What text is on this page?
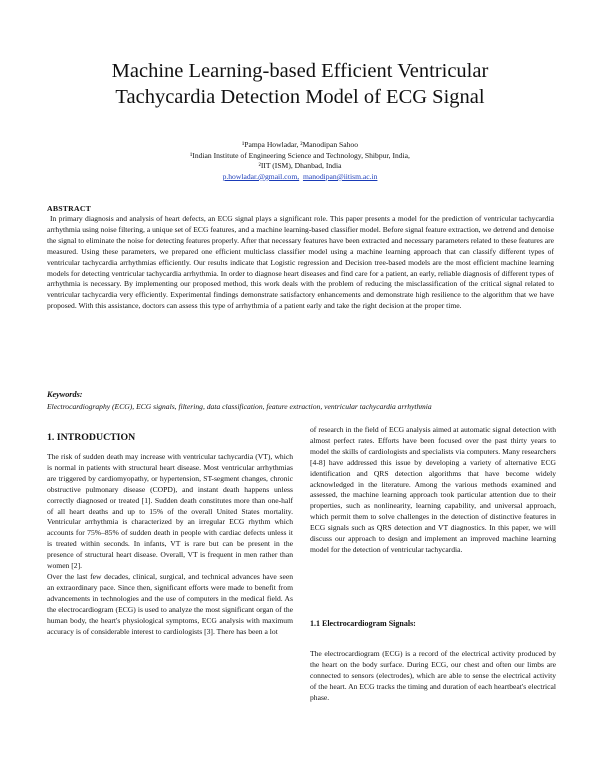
Machine Learning-based Efficient Ventricular
Tachycardia Detection Model of ECG Signal
¹Pampa Howladar, ²Manodipan Sahoo
¹Indian Institute of Engineering Science and Technology, Shibpur, India,
²IIT (ISM), Dhanbad, India
p.howladar.@gmail.com, manodipan@iitism.ac.in
ABSTRACT

In primary diagnosis and analysis of heart defects, an ECG signal plays a significant role. This paper presents a model for the prediction of ventricular tachycardia arrhythmia using noise filtering, a unique set of ECG features, and a machine learning-based classifier model. Before signal feature extraction, we detrend and denoise the signal to eliminate the noise for detecting features properly. After that necessary features have been extracted and necessary parameters related to these features are measured. Using these parameters, we prepared one efficient multiclass classifier model using a machine learning approach that can classify different types of ventricular tachycardia arrhythmias efficiently. Our results indicate that Logistic regression and Decision tree-based models are the most efficient machine learning models for detecting ventricular tachycardia arrhythmia. In order to diagnose heart diseases and find care for a patient, an early, reliable diagnosis of different types of arrhythmia is necessary. By implementing our proposed method, this work deals with the problem of reducing the misclassification of the critical signal related to ventricular tachycardia very efficiently. Experimental findings demonstrate satisfactory enhancements and demonstrate high resilience to the algorithm that we have proposed. With this assistance, doctors can assess this type of arrhythmia of a patient early and take the right decision at the proper time.

Keywords:

Electrocardiography (ECG), ECG signals, filtering, data classification, feature extraction, ventricular tachycardia arrhythmia

1. INTRODUCTION

The risk of sudden death may increase with ventricular tachycardia (VT), which is normal in patients with structural heart disease. Most ventricular arrhythmias are triggered by cardiomyopathy, or hypertension, ST-segment changes, chronic obstructive pulmonary disease (COPD), and instant death happens unless correctly diagnosed or treated [1]. Sudden death constitutes more than one-half of all heart deaths and up to 15% of the overall United States mortality. Ventricular arrhythmia is characterized by an irregular ECG rhythm which accounts for 75%–85% of sudden death in people with cardiac defects unless it is treated within seconds. In infants, VT is rare but can be present in the presence of structural heart disease. Overall, VT is frequent in men rather than women [2].

Over the last few decades, clinical, surgical, and technical advances have seen an extraordinary pace. Since then, significant efforts were made to benefit from advancements in technologies and the use of computers in the medical field. As the electrocardiogram (ECG) is used to analyze the most significant organ of the human body, the heart's physiological symptoms, ECG analysis with maximum accuracy is of considerable interest to cardiologists [3]. There has been a lot

of research in the field of ECG analysis aimed at automatic signal detection with almost perfect rates. Efforts have been focused over the past thirty years to model the skills of cardiologists and specialists via computers. Many researchers [4-8] have addressed this issue by developing a variety of alternative ECG identification and QRS detection algorithms that have become widely acknowledged in the literature. Among the various methods examined and assessed, the machine learning approach took particular attention due to their properties, such as nonlinearity, learning capability, and universal approach, which permit them to solve challenges in the detection of distinctive features in ECG signals such as QRS detection and VT diagnostics. In this paper, we will discuss our approach to design and implement an improved machine learning model for the detection of ventricular tachycardia.

1.1 Electrocardiogram Signals:

The electrocardiogram (ECG) is a record of the electrical activity produced by the heart on the body surface. During ECG, our chest and often our limbs are connected to sensors (electrodes), which are able to sense the electrical activity of the heart. An ECG tracks the timing and duration of each heartbeat's electrical phase.
